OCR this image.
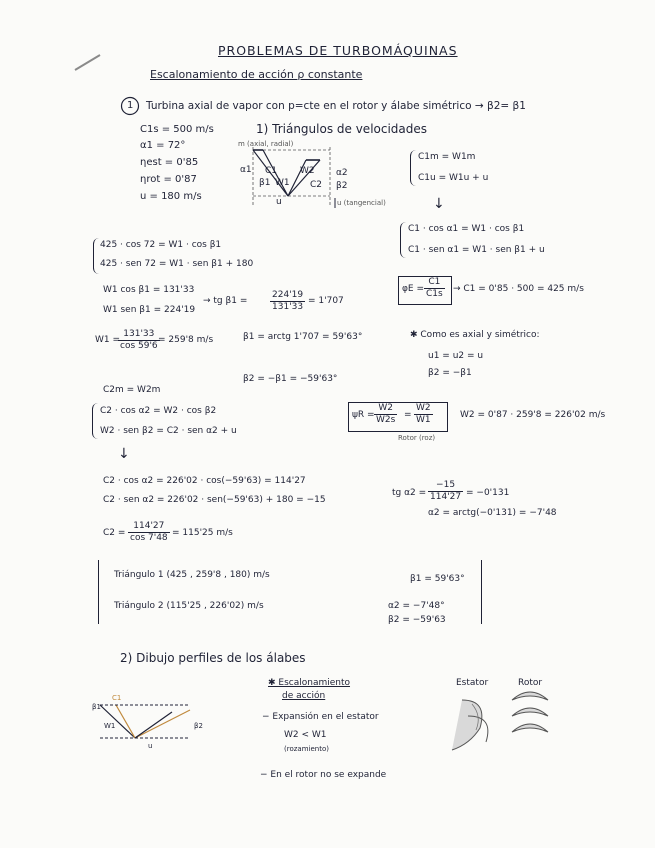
PROBLEMAS DE TURBOMÁQUINAS
Escalonamiento de acción ρ constante
1 Turbina axial de vapor con p=cte en el rotor y álabe simétrico → β2= β1
C1s = 500 m/s
α1 = 72°
ηest = 0'85
ηrot = 0'87
u = 180 m/s
1) Triángulos de velocidades
m (axial, radial)
α1
β1
C1
W1
W2
C2
α2
β2
u	u (tangencial)
C1m = W1m
C1u = W1u + u
↓
C1 · cos α1 = W1 · cos β1
C1 · sen α1 = W1 · sen β1 + u
$\varphi E = \frac{C1}{C1s} \to C1 = 0'85 \cdot 500 = 425$ m/s
425 · cos 72 = W1 · cos β1
425 · sen 72 = W1 · sen β1 + 180
W1 cos β1 = 131'33
W1 sen β1 = 224'19
→ tg β1 =	$\frac{224'19}{131'33} = 1'707$
W1 =
$\frac{131'33}{\cos 59'6}$
= 259'8 m/s	β1 = arctg 1'707 = 59'63°	✱ Como es axial y simétrico:
u1 = u2 = u
β2 = −β1
β2 = −β1 = −59'63°
C2m = W2m
C2 · cos α2 = W2 · cos β2
W2 · sen β2 = C2 · sen α2 + u
$\psi R = \frac{W2}{W2s} = \frac{W2}{W1}$
Rotor (roz)
W2 = 0'87 · 259'8 = 226'02 m/s
↓
C2 · cos α2 = 226'02 · cos(−59'63) = 114'27
C2 · sen α2 = 226'02 · sen(−59'63) + 180 = −15
tg $\alpha 2 = \frac{-15}{114'27} = -0'131$
α2 = arctg(−0'131) = −7'48
$C2 = \frac{114'27}{\cos 7'48} = 115'25$ m/s
Triángulo 1 (425 , 259'8 , 180) m/s
Triángulo 2 (115'25 , 226'02) m/s
β1 = 59'63°
α2 = −7'48°
β2 = −59'63
2) Dibujo perfiles de los álabes
β1
C1
W1	β2
u
✱ Escalonamiento
de acción
− Expansión en el estator
W2 < W1
(rozamiento)
− En el rotor no se expande
Estator	Rotor
